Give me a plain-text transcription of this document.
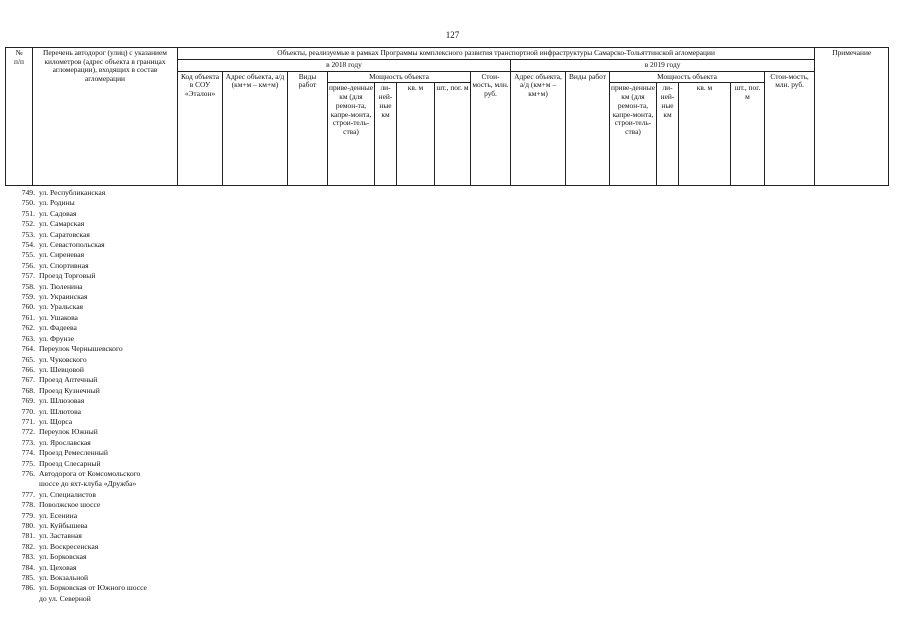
127
№
п/п	Перечень автодорог (улиц) с указанием километров (адрес объекта в границах агломерации), входящих в состав агломерации	Объекты, реализуемые в рамках Программы комплексного развития транспортной инфраструктуры Самарско-Тольяттинской агломерации															Примечание
		в 2018 году								в 2019 году							
		Код объекта в СОУ «Эталон»	Адрес объекта, а/д (км+м – км+м)	Виды работ	Мощность объекта				Стои-мость, млн. руб.	Адрес объекта, а/д (км+м – км+м)	Виды работ	Мощность объекта				Стои-мость, млн. руб.	
					приве-денные км (для ремон-та, капре-монта, строи-тель-ства)	ли-ней-ные км	кв. м	шт., пог. м				приве-денные км (для ремон-та, капре-монта, строи-тель-ства)	ли-ней-ные км	кв. м	шт., пог. м		
749. ул. Республиканская
750. ул. Родины
751. ул. Садовая
752. ул. Самарская
753. ул. Саратовская
754. ул. Севастопольская
755. ул. Сиреневая
756. ул. Спортивная
757. Проезд Торговый
758. ул. Тюленина
759. ул. Украинская
760. ул. Уральская
761. ул. Ушакова
762. ул. Фадеева
763. ул. Фрунзе
764. Переулок Чернышевского
765. ул. Чуковского
766. ул. Шевцовой
767. Проезд Аптечный
768. Проезд Кузнечный
769. ул. Шлюзовая
770. ул. Шлютова
771. ул. Щорса
772. Переулок Южный
773. ул. Ярославская
774. Проезд Ремесленный
775. Проезд Слесарный
776. Автодорога от Комсомольского
шоссе до яхт-клуба «Дружба»
777. ул. Специалистов
778. Поволжское шоссе
779. ул. Есенина
780. ул. Куйбышева
781. ул. Заставная
782. ул. Воскресенская
783. ул. Борковская
784. ул. Цеховая
785. ул. Вокзальной
786. ул. Борковская от Южного шоссе
до ул. Северной
